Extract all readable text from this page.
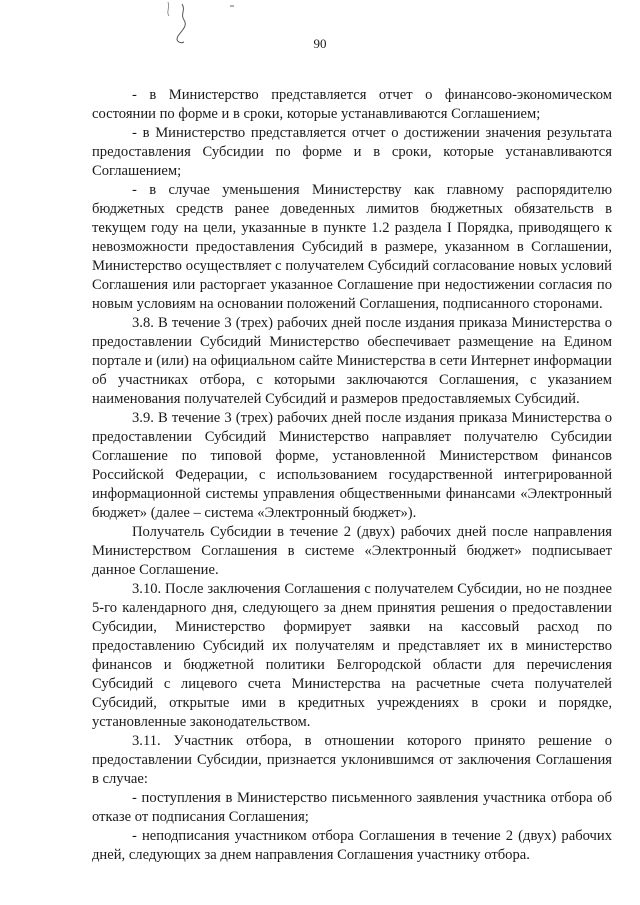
90

- в Министерство представляется отчет о финансово-экономическом состоянии по форме и в сроки, которые устанавливаются Соглашением;

- в Министерство представляется отчет о достижении значения результата предоставления Субсидии по форме и в сроки, которые устанавливаются Соглашением;

- в случае уменьшения Министерству как главному распорядителю бюджетных средств ранее доведенных лимитов бюджетных обязательств в текущем году на цели, указанные в пункте 1.2 раздела I Порядка, приводящего к невозможности предоставления Субсидий в размере, указанном в Соглашении, Министерство осуществляет с получателем Субсидий согласование новых условий Соглашения или расторгает указанное Соглашение при недостижении согласия по новым условиям на основании положений Соглашения, подписанного сторонами.

3.8. В течение 3 (трех) рабочих дней после издания приказа Министерства о предоставлении Субсидий Министерство обеспечивает размещение на Едином портале и (или) на официальном сайте Министерства в сети Интернет информации об участниках отбора, с которыми заключаются Соглашения, с указанием наименования получателей Субсидий и размеров предоставляемых Субсидий.

3.9. В течение 3 (трех) рабочих дней после издания приказа Министерства о предоставлении Субсидий Министерство направляет получателю Субсидии Соглашение по типовой форме, установленной Министерством финансов Российской Федерации, с использованием государственной интегрированной информационной системы управления общественными финансами «Электронный бюджет» (далее – система «Электронный бюджет»).

Получатель Субсидии в течение 2 (двух) рабочих дней после направления Министерством Соглашения в системе «Электронный бюджет» подписывает данное Соглашение.

3.10. После заключения Соглашения с получателем Субсидии, но не позднее 5-го календарного дня, следующего за днем принятия решения о предоставлении Субсидии, Министерство формирует заявки на кассовый расход по предоставлению Субсидий их получателям и представляет их в министерство финансов и бюджетной политики Белгородской области для перечисления Субсидий с лицевого счета Министерства на расчетные счета получателей Субсидий, открытые ими в кредитных учреждениях в сроки и порядке, установленные законодательством.

3.11. Участник отбора, в отношении которого принято решение о предоставлении Субсидии, признается уклонившимся от заключения Соглашения в случае:

- поступления в Министерство письменного заявления участника отбора об отказе от подписания Соглашения;

- неподписания участником отбора Соглашения в течение 2 (двух) рабочих дней, следующих за днем направления Соглашения участнику отбора.
